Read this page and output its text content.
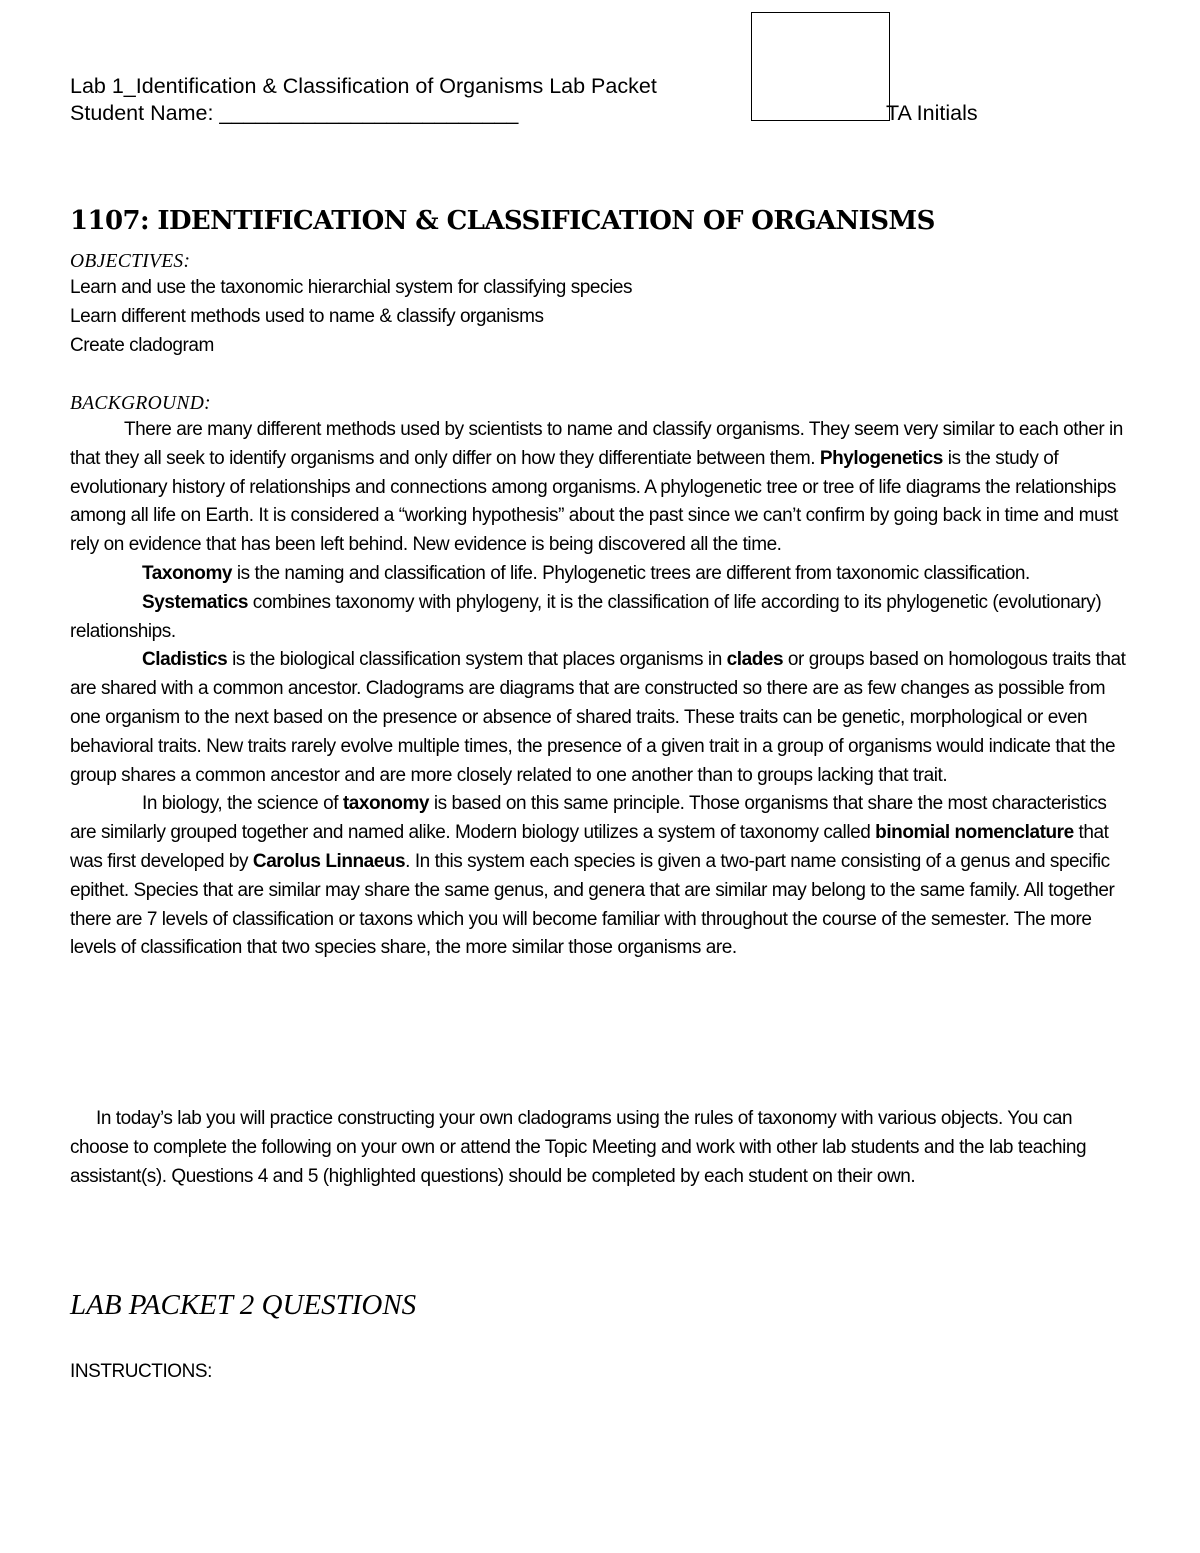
Lab 1_Identification & Classification of Organisms Lab Packet
Student Name: _________________________	TA Initials
1107: IDENTIFICATION & CLASSIFICATION OF ORGANISMS
OBJECTIVES:
Learn and use the taxonomic hierarchial system for classifying species
Learn different methods used to name & classify organisms
Create cladogram
BACKGROUND:

There are many different methods used by scientists to name and classify organisms. They seem very similar to each other in that they all seek to identify organisms and only differ on how they differentiate between them. Phylogenetics is the study of evolutionary history of relationships and connections among organisms. A phylogenetic tree or tree of life diagrams the relationships among all life on Earth. It is considered a “working hypothesis” about the past since we can’t confirm by going back in time and must rely on evidence that has been left behind. New evidence is being discovered all the time.

Taxonomy is the naming and classification of life. Phylogenetic trees are different from taxonomic classification.

Systematics combines taxonomy with phylogeny, it is the classification of life according to its phylogenetic (evolutionary) relationships.

Cladistics is the biological classification system that places organisms in clades or groups based on homologous traits that are shared with a common ancestor. Cladograms are diagrams that are constructed so there are as few changes as possible from one organism to the next based on the presence or absence of shared traits. These traits can be genetic, morphological or even behavioral traits. New traits rarely evolve multiple times, the presence of a given trait in a group of organisms would indicate that the group shares a common ancestor and are more closely related to one another than to groups lacking that trait.

In biology, the science of taxonomy is based on this same principle. Those organisms that share the most characteristics are similarly grouped together and named alike. Modern biology utilizes a system of taxonomy called binomial nomenclature that was first developed by Carolus Linnaeus. In this system each species is given a two-part name consisting of a genus and specific epithet. Species that are similar may share the same genus, and genera that are similar may belong to the same family. All together there are 7 levels of classification or taxons which you will become familiar with throughout the course of the semester. The more levels of classification that two species share, the more similar those organisms are.

In today’s lab you will practice constructing your own cladograms using the rules of taxonomy with various objects. You can choose to complete the following on your own or attend the Topic Meeting and work with other lab students and the lab teaching assistant(s). Questions 4 and 5 (highlighted questions) should be completed by each student on their own.

LAB PACKET 2 QUESTIONS
INSTRUCTIONS:
